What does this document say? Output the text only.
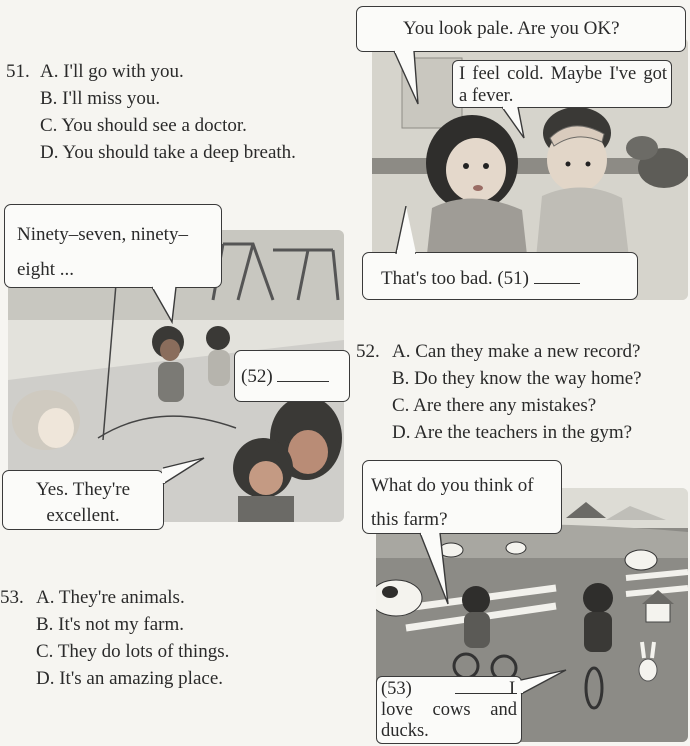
51. A. I'll go with you.
B. I'll miss you.
C. You should see a doctor.
D. You should take a deep breath.
52. A. Can they make a new record?
B. Do they know the way home?
C. Are there any mistakes?
D. Are the teachers in the gym?
53. A. They're animals.
B. It's not my farm.
C. They do lots of things.
D. It's an amazing place.
You look pale. Are you OK?
I feel cold. Maybe I've got a fever.
That's too bad. (51)
Ninety–seven, ninety–eight ...
(52)
Yes. They're excellent.
What do you think of this farm?
(53)	I love cows and ducks.
